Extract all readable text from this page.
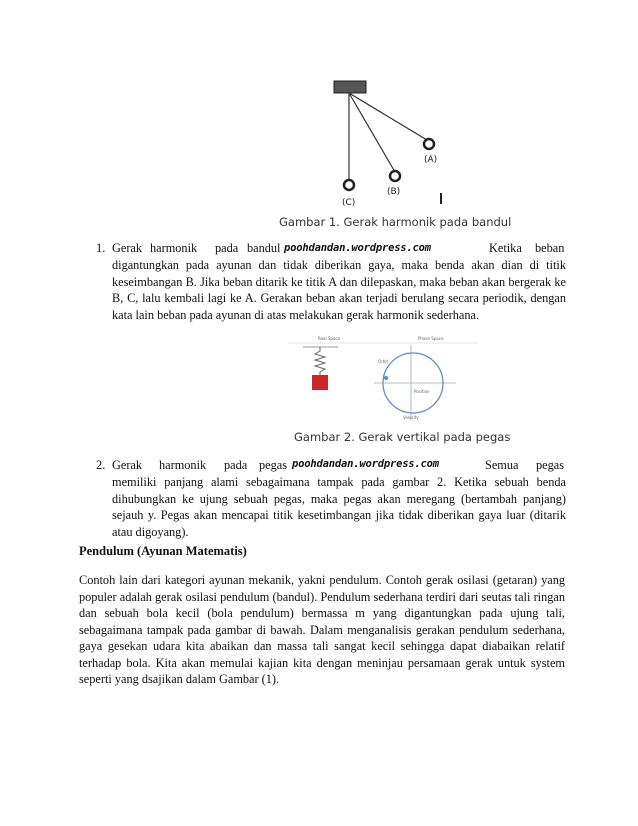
(A)
(B)
(C)
Gambar 1. Gerak harmonik pada bandul
1. Gerak harmonik pada bandul poohdandan.wordpress.com	Ketika beban
digantungkan pada ayunan dan tidak diberikan gaya, maka benda akan dian di titik keseimbangan B. Jika beban ditarik ke titik A dan dilepaskan, maka beban akan bergerak ke B, C, lalu kembali lagi ke A. Gerakan beban akan terjadi berulang secara periodik, dengan kata lain beban pada ayunan di atas melakukan gerak harmonik sederhana.
Real Space	Phase Space
Orbit
Position
Velocity
Gambar 2. Gerak vertikal pada pegas
2. Gerak harmonik pada pegas poohdandan.wordpress.com	Semua pegas
memiliki panjang alami sebagaimana tampak pada gambar 2. Ketika sebuah benda dihubungkan ke ujung sebuah pegas, maka pegas akan meregang (bertambah panjang) sejauh y. Pegas akan mencapai titik kesetimbangan jika tidak diberikan gaya luar (ditarik atau digoyang).
Pendulum (Ayunan Matematis)
Contoh lain dari kategori ayunan mekanik, yakni pendulum. Contoh gerak osilasi (getaran) yang populer adalah gerak osilasi pendulum (bandul). Pendulum sederhana terdiri dari seutas tali ringan dan sebuah bola kecil (bola pendulum) bermassa m yang digantungkan pada ujung tali, sebagaimana tampak pada gambar di bawah. Dalam menganalisis gerakan pendulum sederhana, gaya gesekan udara kita abaikan dan massa tali sangat kecil sehingga dapat diabaikan relatif terhadap bola. Kita akan memulai kajian kita dengan meninjau persamaan gerak untuk system seperti yang dsajikan dalam Gambar (1).
